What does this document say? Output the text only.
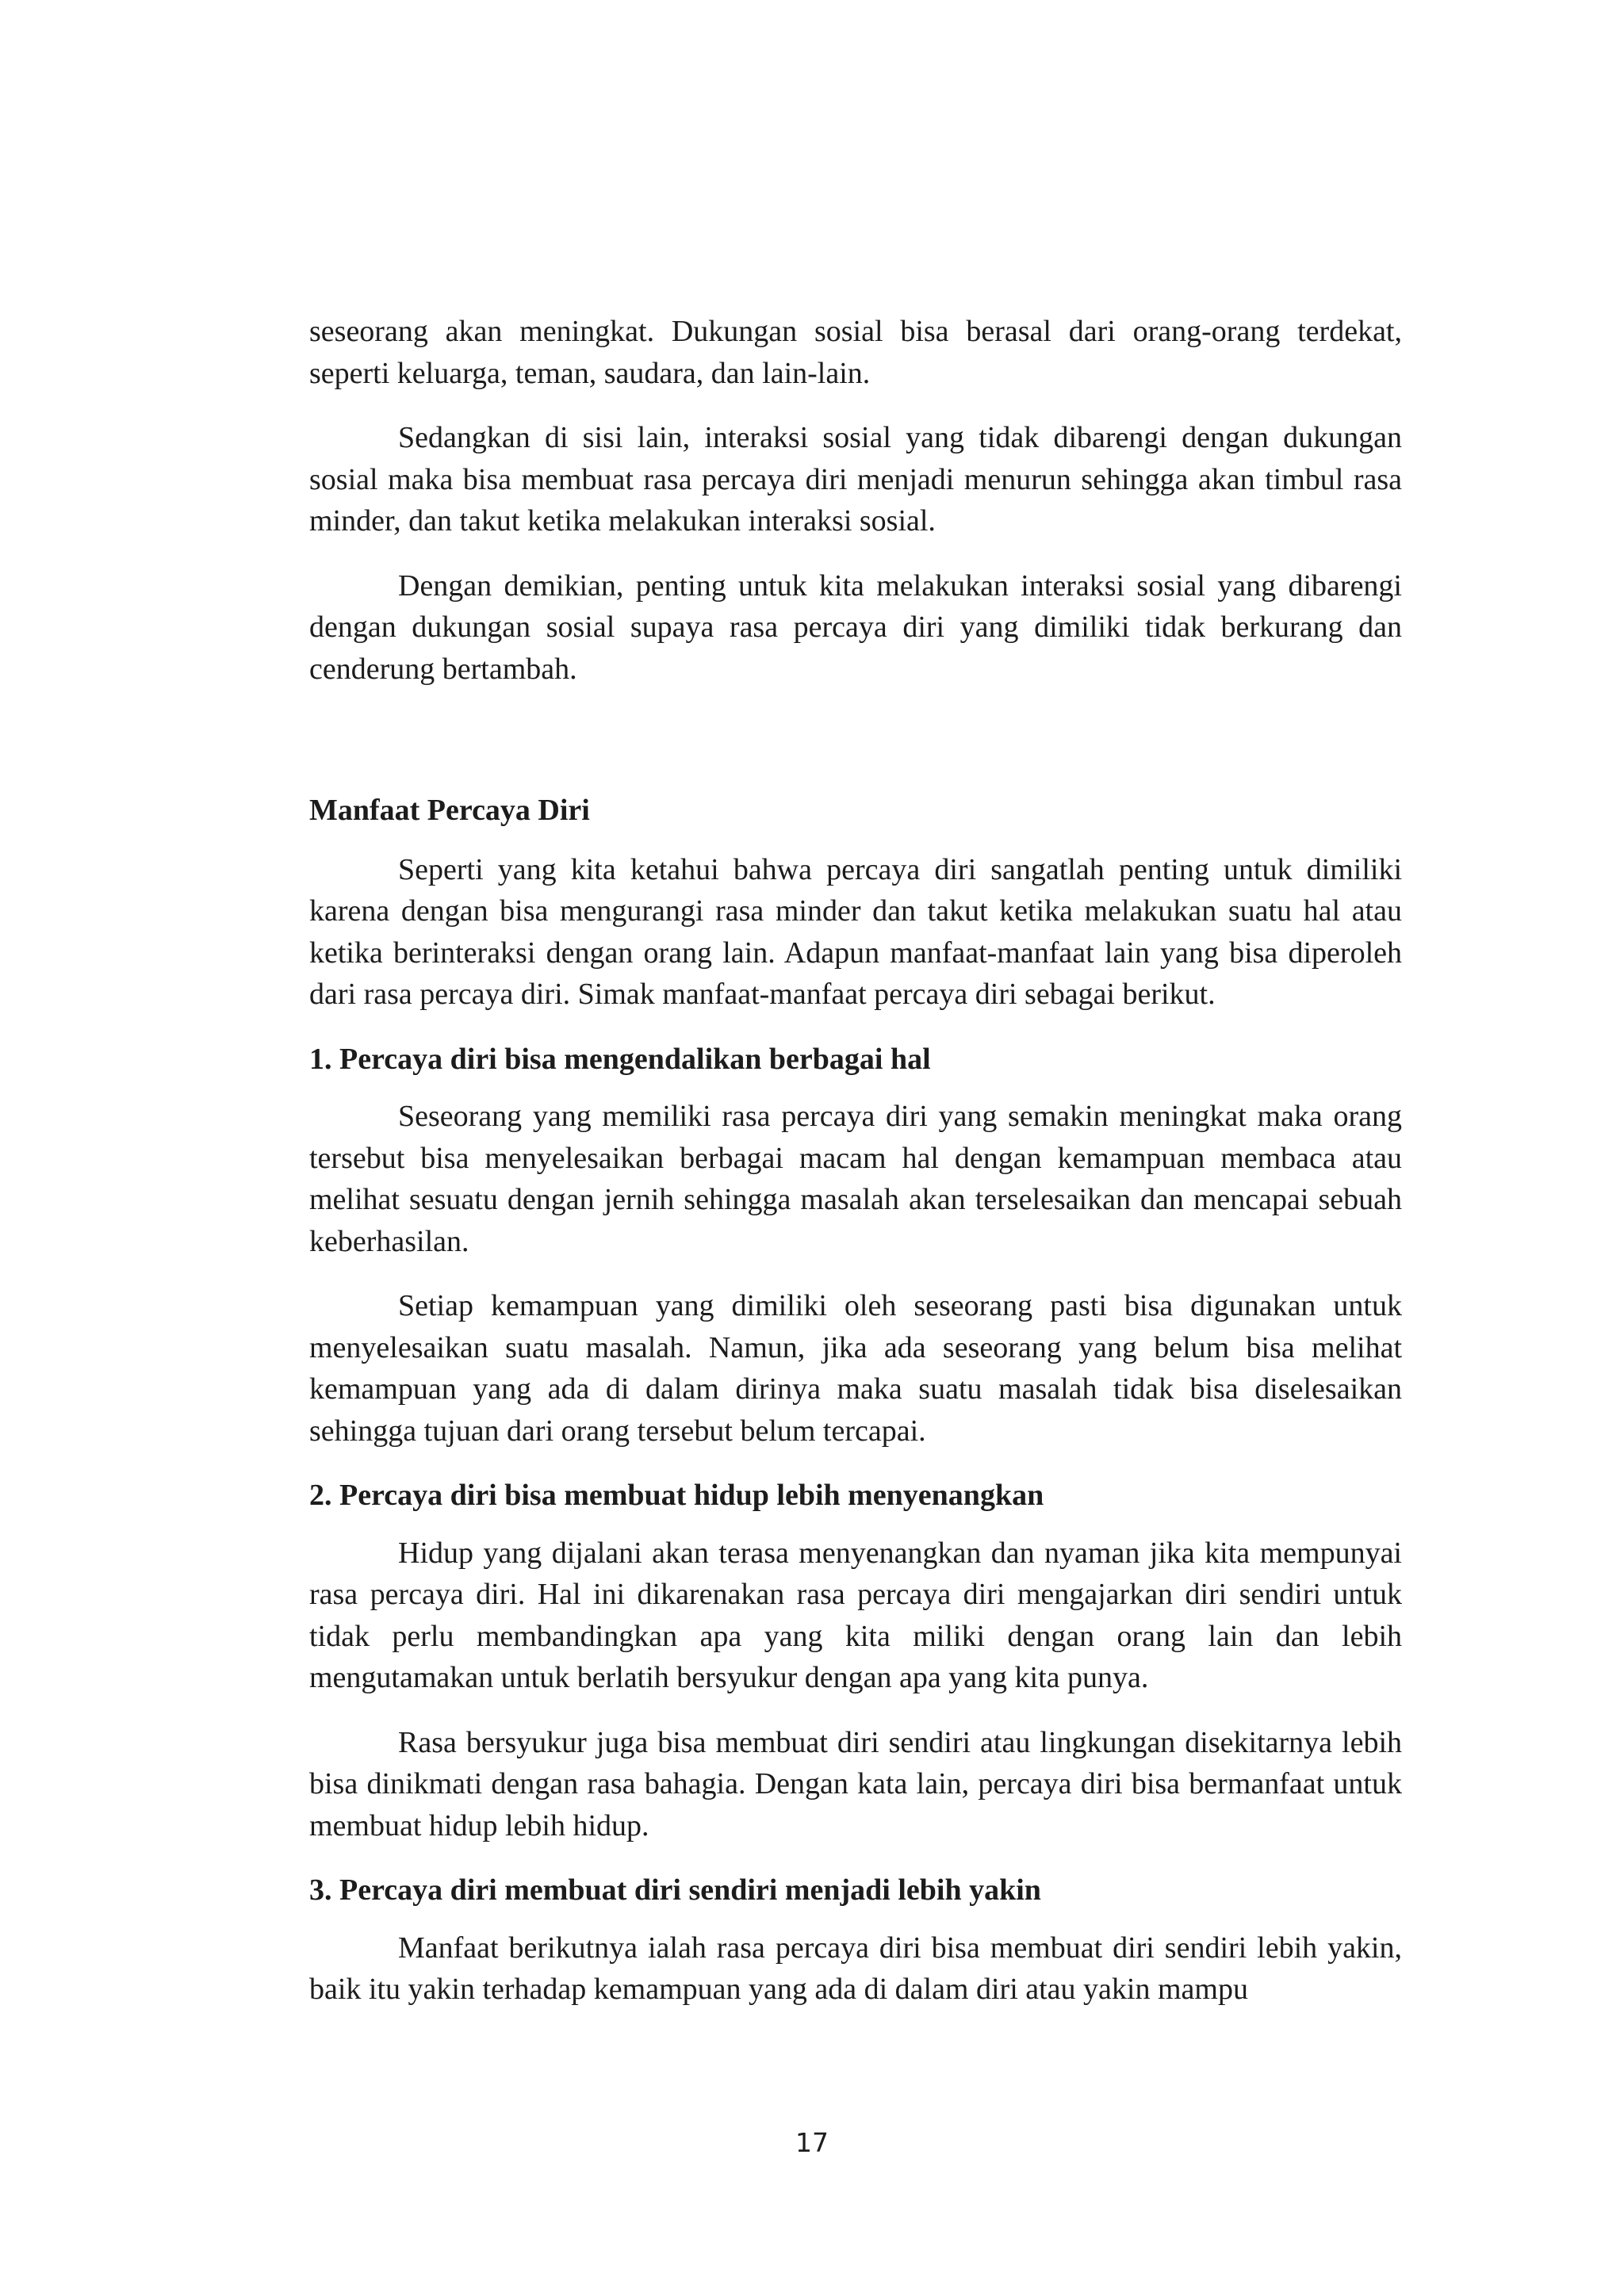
seseorang akan meningkat. Dukungan sosial bisa berasal dari orang-orang terdekat, seperti keluarga, teman, saudara, dan lain-lain.

Sedangkan di sisi lain, interaksi sosial yang tidak dibarengi dengan dukungan sosial maka bisa membuat rasa percaya diri menjadi menurun sehingga akan timbul rasa minder, dan takut ketika melakukan interaksi sosial.

Dengan demikian, penting untuk kita melakukan interaksi sosial yang dibarengi dengan dukungan sosial supaya rasa percaya diri yang dimiliki tidak berkurang dan cenderung bertambah.

Manfaat Percaya Diri

Seperti yang kita ketahui bahwa percaya diri sangatlah penting untuk dimiliki karena dengan bisa mengurangi rasa minder dan takut ketika melakukan suatu hal atau ketika berinteraksi dengan orang lain. Adapun manfaat-manfaat lain yang bisa diperoleh dari rasa percaya diri. Simak manfaat-manfaat percaya diri sebagai berikut.

1. Percaya diri bisa mengendalikan berbagai hal

Seseorang yang memiliki rasa percaya diri yang semakin meningkat maka orang tersebut bisa menyelesaikan berbagai macam hal dengan kemampuan membaca atau melihat sesuatu dengan jernih sehingga masalah akan terselesaikan dan mencapai sebuah keberhasilan.

Setiap kemampuan yang dimiliki oleh seseorang pasti bisa digunakan untuk menyelesaikan suatu masalah. Namun, jika ada seseorang yang belum bisa melihat kemampuan yang ada di dalam dirinya maka suatu masalah tidak bisa diselesaikan sehingga tujuan dari orang tersebut belum tercapai.

2. Percaya diri bisa membuat hidup lebih menyenangkan

Hidup yang dijalani akan terasa menyenangkan dan nyaman jika kita mempunyai rasa percaya diri. Hal ini dikarenakan rasa percaya diri mengajarkan diri sendiri untuk tidak perlu membandingkan apa yang kita miliki dengan orang lain dan lebih mengutamakan untuk berlatih bersyukur dengan apa yang kita punya.

Rasa bersyukur juga bisa membuat diri sendiri atau lingkungan disekitarnya lebih bisa dinikmati dengan rasa bahagia. Dengan kata lain, percaya diri bisa bermanfaat untuk membuat hidup lebih hidup.

3. Percaya diri membuat diri sendiri menjadi lebih yakin

Manfaat berikutnya ialah rasa percaya diri bisa membuat diri sendiri lebih yakin, baik itu yakin terhadap kemampuan yang ada di dalam diri atau yakin mampu

17
